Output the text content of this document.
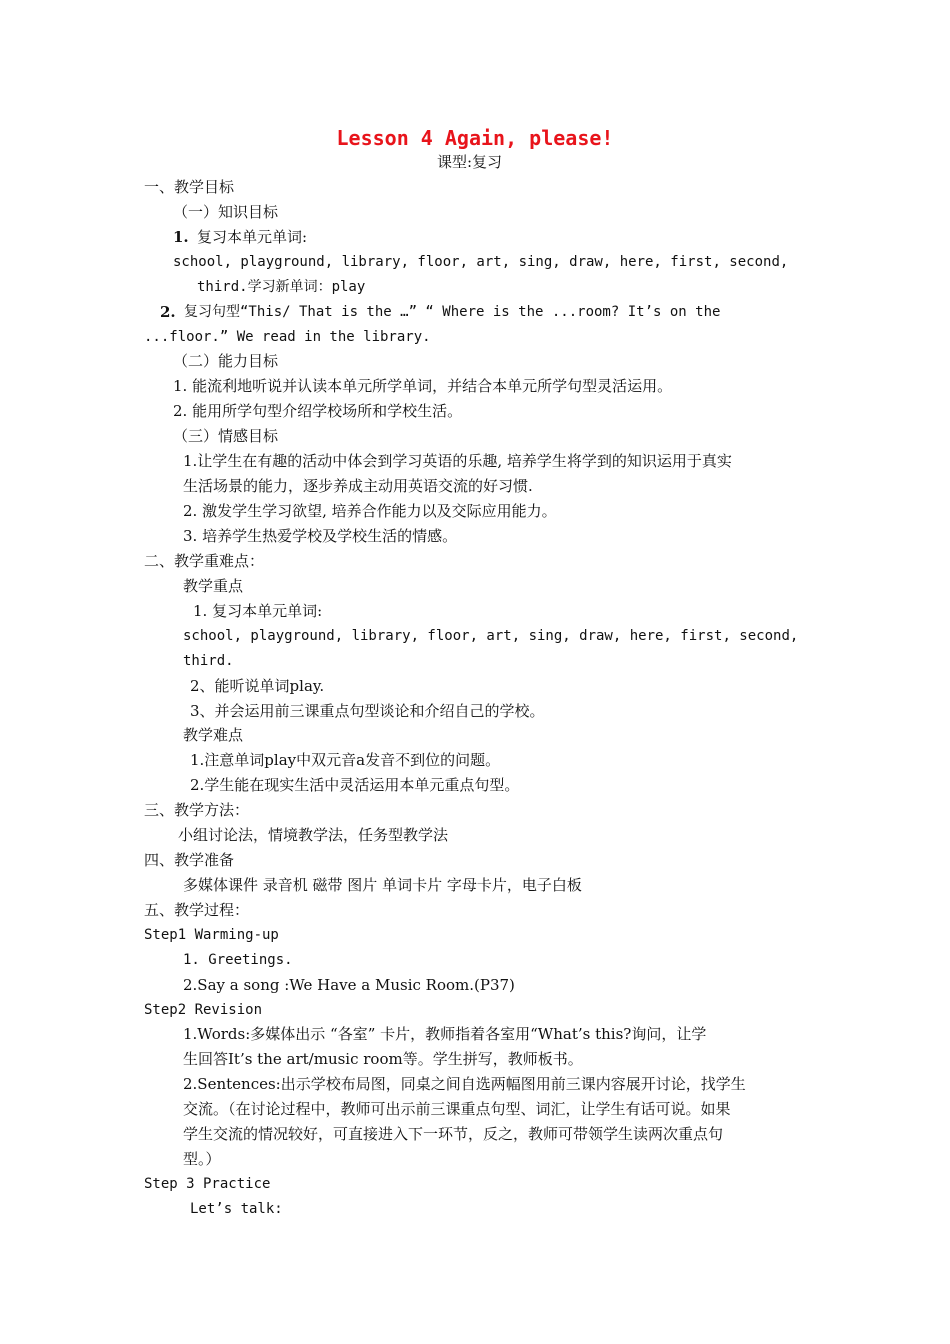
Lesson 4 Again, please!
课型:复习
一、教学目标
（一）知识目标
1. 复习本单元单词:
school, playground, library, floor, art, sing, draw, here, first, second,
third.学习新单词：play
2. 复习句型“This/ That is the …” “ Where is the ...room? It’s on the
...floor.” We read in the library.
（二）能力目标
1. 能流利地听说并认读本单元所学单词，并结合本单元所学句型灵活运用。
2. 能用所学句型介绍学校场所和学校生活。
（三）情感目标
1.让学生在有趣的活动中体会到学习英语的乐趣, 培养学生将学到的知识运用于真实
生活场景的能力，逐步养成主动用英语交流的好习惯.
2. 激发学生学习欲望, 培养合作能力以及交际应用能力。
3. 培养学生热爱学校及学校生活的情感。
二、教学重难点：
教学重点
1. 复习本单元单词:
school, playground, library, floor, art, sing, draw, here, first, second,
third.
2、能听说单词play.
3、并会运用前三课重点句型谈论和介绍自己的学校。
教学难点
1.注意单词play中双元音a发音不到位的问题。
2.学生能在现实生活中灵活运用本单元重点句型。
三、教学方法：
小组讨论法，情境教学法，任务型教学法
四、教学准备
多媒体课件 录音机 磁带 图片 单词卡片 字母卡片，电子白板
五、教学过程：
Step1 Warming-up
1. Greetings.
2.Say a song :We Have a Music Room.(P37)
Step2 Revision
1.Words:多媒体出示 “各室” 卡片，教师指着各室用“What’s this?询问，让学
生回答It’s the art/music room等。学生拼写，教师板书。
2.Sentences:出示学校布局图，同桌之间自选两幅图用前三课内容展开讨论，找学生
交流。（在讨论过程中，教师可出示前三课重点句型、词汇，让学生有话可说。如果
学生交流的情况较好，可直接进入下一环节，反之，教师可带领学生读两次重点句
型。）
Step 3 Practice
Let’s talk:
